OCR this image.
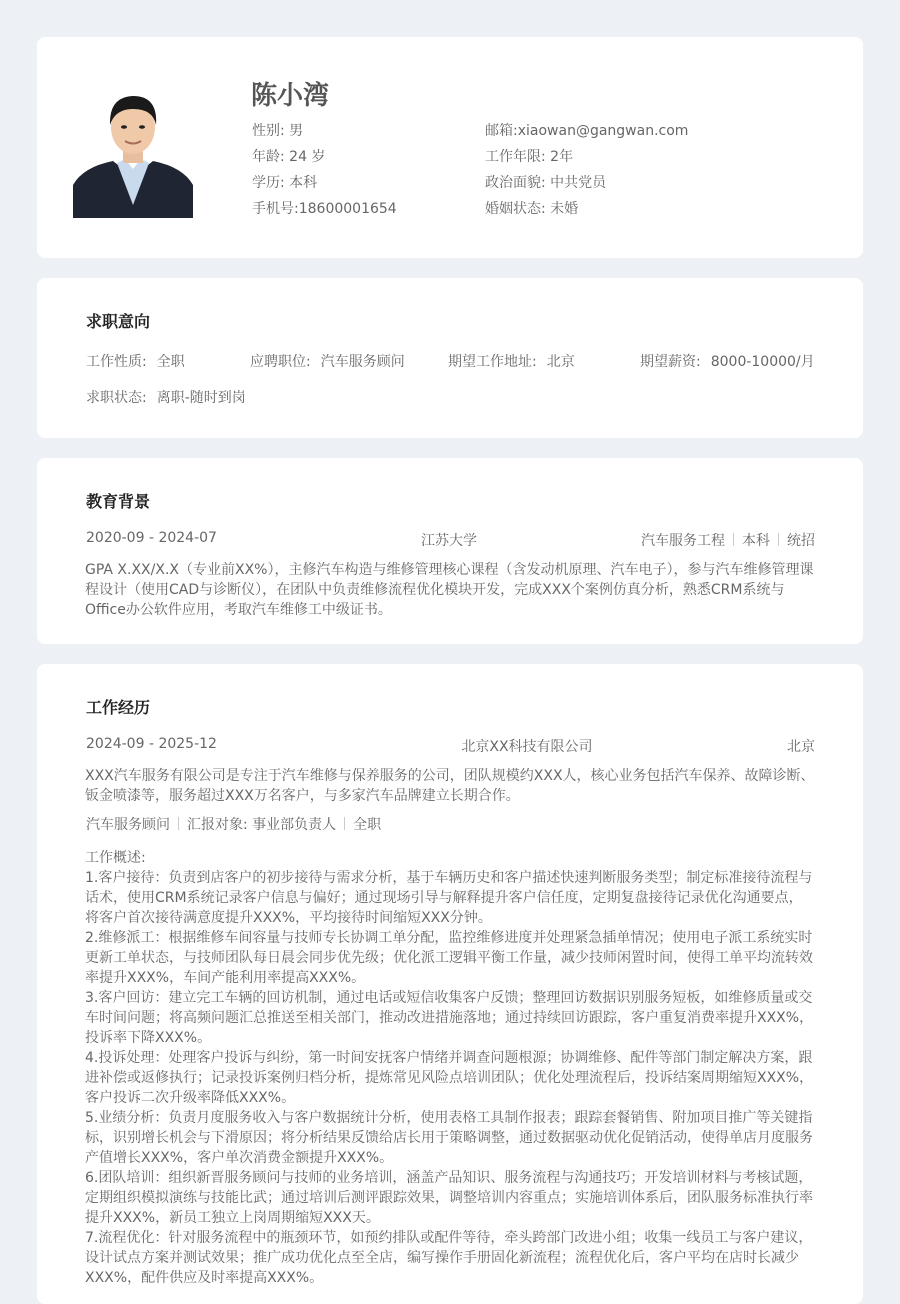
陈小湾
性别: 男
年龄: 24 岁
学历: 本科
手机号:18600001654
邮箱:xiaowan@gangwan.com
工作年限: 2年
政治面貌: 中共党员
婚姻状态: 未婚
求职意向
工作性质: 全职	应聘职位: 汽车服务顾问	期望工作地址: 北京	期望薪资: 8000-10000/月
求职状态: 离职-随时到岗
教育背景
2020-09 - 2024-07	江苏大学	汽车服务工程 本科 统招
GPA X.XX/X.X（专业前XX%），主修汽车构造与维修管理核心课程（含发动机原理、汽车电子），参与汽车维修管理课程设计（使用CAD与诊断仪），在团队中负责维修流程优化模块开发，完成XXX个案例仿真分析，熟悉CRM系统与Office办公软件应用，考取汽车维修工中级证书。
工作经历
2024-09 - 2025-12	北京XX科技有限公司	北京
XXX汽车服务有限公司是专注于汽车维修与保养服务的公司，团队规模约XXX人，核心业务包括汽车保养、故障诊断、钣金喷漆等，服务超过XXX万名客户，与多家汽车品牌建立长期合作。
汽车服务顾问 汇报对象: 事业部负责人 全职
工作概述:
1.客户接待：负责到店客户的初步接待与需求分析，基于车辆历史和客户描述快速判断服务类型；制定标准接待流程与话术，使用CRM系统记录客户信息与偏好；通过现场引导与解释提升客户信任度，定期复盘接待记录优化沟通要点，将客户首次接待满意度提升XXX%，平均接待时间缩短XXX分钟。
2.维修派工：根据维修车间容量与技师专长协调工单分配，监控维修进度并处理紧急插单情况；使用电子派工系统实时更新工单状态，与技师团队每日晨会同步优先级；优化派工逻辑平衡工作量，减少技师闲置时间，使得工单平均流转效率提升XXX%，车间产能利用率提高XXX%。
3.客户回访：建立完工车辆的回访机制，通过电话或短信收集客户反馈；整理回访数据识别服务短板，如维修质量或交车时间问题；将高频问题汇总推送至相关部门，推动改进措施落地；通过持续回访跟踪，客户重复消费率提升XXX%，投诉率下降XXX%。
4.投诉处理：处理客户投诉与纠纷，第一时间安抚客户情绪并调查问题根源；协调维修、配件等部门制定解决方案，跟进补偿或返修执行；记录投诉案例归档分析，提炼常见风险点培训团队；优化处理流程后，投诉结案周期缩短XXX%，客户投诉二次升级率降低XXX%。
5.业绩分析：负责月度服务收入与客户数据统计分析，使用表格工具制作报表；跟踪套餐销售、附加项目推广等关键指标，识别增长机会与下滑原因；将分析结果反馈给店长用于策略调整，通过数据驱动优化促销活动，使得单店月度服务产值增长XXX%，客户单次消费金额提升XXX%。
6.团队培训：组织新晋服务顾问与技师的业务培训，涵盖产品知识、服务流程与沟通技巧；开发培训材料与考核试题，定期组织模拟演练与技能比武；通过培训后测评跟踪效果，调整培训内容重点；实施培训体系后，团队服务标准执行率提升XXX%，新员工独立上岗周期缩短XXX天。
7.流程优化：针对服务流程中的瓶颈环节，如预约排队或配件等待，牵头跨部门改进小组；收集一线员工与客户建议，设计试点方案并测试效果；推广成功优化点至全店，编写操作手册固化新流程；流程优化后，客户平均在店时长减少XXX%，配件供应及时率提高XXX%。
